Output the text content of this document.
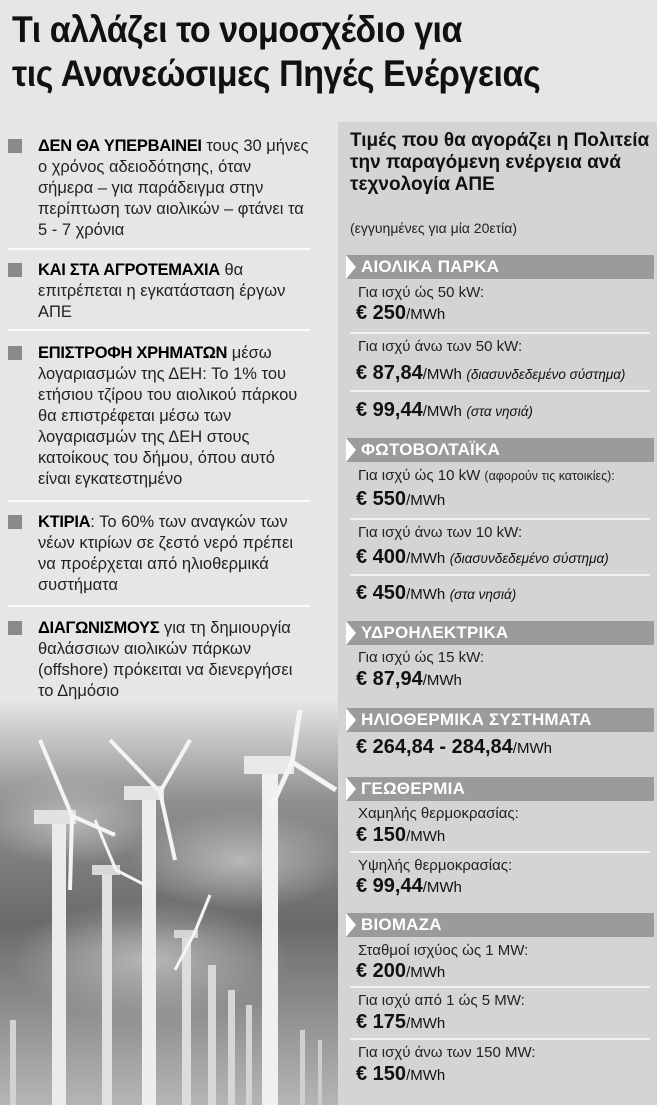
Τι αλλάζει το νομοσχέδιο για
τις Ανανεώσιμες Πηγές Ενέργειας
ΔΕΝ ΘΑ ΥΠΕΡΒΑΙΝΕΙ τους 30 μήνες ο χρόνος αδειοδότησης, όταν σήμερα – για παράδειγμα στην περίπτωση των αιολικών – φτάνει τα 5 - 7 χρόνια
ΚΑΙ ΣΤΑ ΑΓΡΟΤΕΜΑΧΙΑ θα επιτρέπεται η εγκατάσταση έργων ΑΠΕ
ΕΠΙΣΤΡΟΦΗ ΧΡΗΜΑΤΩΝ μέσω λογαριασμών της ΔΕΗ: Το 1% του ετήσιου τζίρου του αιολικού πάρκου θα επιστρέφεται μέσω των λογαριασμών της ΔΕΗ στους κατοίκους του δήμου, όπου αυτό είναι εγκατεστημένο
ΚΤΙΡΙΑ: Το 60% των αναγκών των νέων κτιρίων σε ζεστό νερό πρέπει να προέρχεται από ηλιοθερμικά συστήματα
ΔΙΑΓΩΝΙΣΜΟΥΣ για τη δημιουργία θαλάσσιων αιολικών πάρκων (offshore) πρόκειται να διενεργήσει το Δημόσιο
Τιμές που θα αγοράζει η Πολιτεία την παραγόμενη ενέργεια ανά τεχνολογία ΑΠΕ
(εγγυημένες για μία 20ετία)
ΑΙΟΛΙΚΑ ΠΑΡΚΑ
Για ισχύ ώς 50 kW:
€ 250/MWh
Για ισχύ άνω των 50 kW:
€ 87,84/MWh (διασυνδεδεμένο σύστημα)
€ 99,44/MWh (στα νησιά)
ΦΩΤΟΒΟΛΤΑΪΚΑ
Για ισχύ ώς 10 kW (αφορούν τις κατοικίες):
€ 550/MWh
Για ισχύ άνω των 10 kW:
€ 400/MWh (διασυνδεδεμένο σύστημα)
€ 450/MWh (στα νησιά)
ΥΔΡΟΗΛΕΚΤΡΙΚΑ
Για ισχύ ώς 15 kW:
€ 87,94/MWh
ΗΛΙΟΘΕΡΜΙΚΑ ΣΥΣΤΗΜΑΤΑ
€ 264,84 - 284,84/MWh
ΓΕΩΘΕΡΜΙΑ
Χαμηλής θερμοκρασίας:
€ 150/MWh
Υψηλής θερμοκρασίας:
€ 99,44/MWh
ΒΙΟΜΑΖΑ
Σταθμοί ισχύος ώς 1 MW:
€ 200/MWh
Για ισχύ από 1 ώς 5 MW:
€ 175/MWh
Για ισχύ άνω των 150 MW:
€ 150/MWh
